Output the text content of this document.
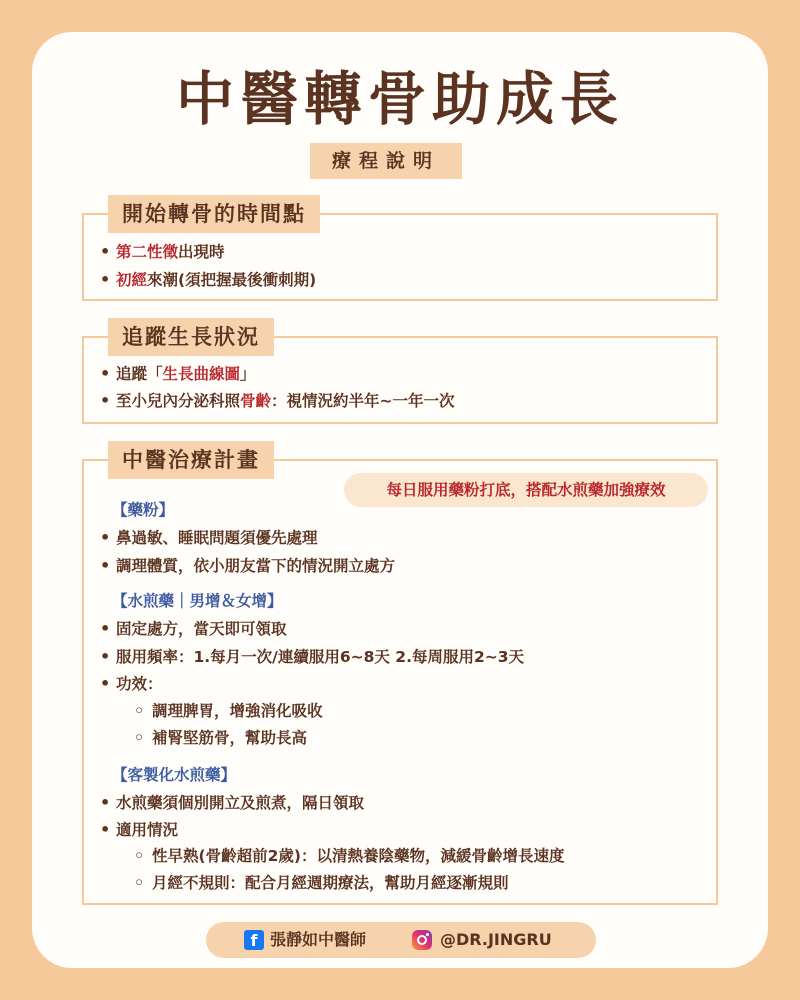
中醫轉骨助成長
療程說明
開始轉骨的時間點
• 第二性徵出現時
• 初經來潮(須把握最後衝刺期)
追蹤生長狀況
• 追蹤「生長曲線圖」
• 至小兒內分泌科照骨齡：視情況約半年~一年一次
中醫治療計畫
【藥粉】
• 鼻過敏、睡眠問題須優先處理
• 調理體質，依小朋友當下的情況開立處方
【水煎藥｜男增＆女增】
• 固定處方，當天即可領取
• 服用頻率：1.每月一次/連續服用6~8天 2.每周服用2~3天
• 功效：
◦ 調理脾胃，增強消化吸收
◦ 補腎堅筋骨，幫助長高
【客製化水煎藥】
• 水煎藥須個別開立及煎煮，隔日領取
• 適用情況
◦ 性早熟(骨齡超前2歲)：以清熱養陰藥物，減緩骨齡增長速度
◦ 月經不規則：配合月經週期療法，幫助月經逐漸規則
每日服用藥粉打底，搭配水煎藥加強療效
f 張靜如中醫師	@DR.JINGRU
